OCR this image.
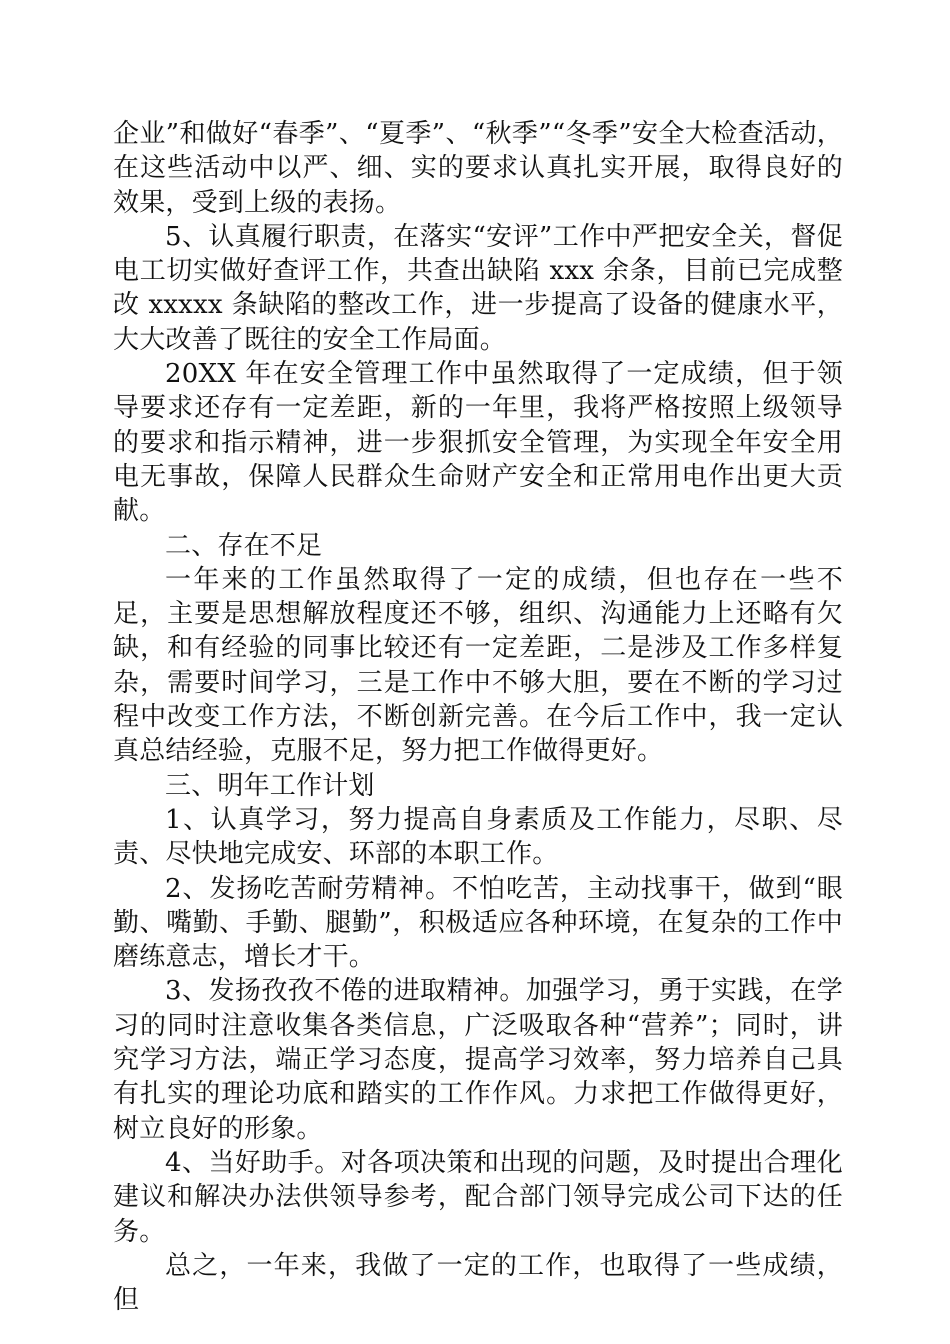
企业”和做好“春季”、“夏季”、“秋季”“冬季”安全大检查活动，在这些活动中以严、细、实的要求认真扎实开展，取得良好的效果，受到上级的表扬。

5、认真履行职责，在落实“安评”工作中严把安全关，督促电工切实做好查评工作，共查出缺陷 xxx 余条，目前已完成整改 xxxxx 条缺陷的整改工作，进一步提高了设备的健康水平，大大改善了既往的安全工作局面。

20XX 年在安全管理工作中虽然取得了一定成绩，但于领导要求还存有一定差距，新的一年里，我将严格按照上级领导的要求和指示精神，进一步狠抓安全管理，为实现全年安全用电无事故，保障人民群众生命财产安全和正常用电作出更大贡献。

二、存在不足

一年来的工作虽然取得了一定的成绩，但也存在一些不足，主要是思想解放程度还不够，组织、沟通能力上还略有欠缺，和有经验的同事比较还有一定差距，二是涉及工作多样复杂，需要时间学习，三是工作中不够大胆，要在不断的学习过程中改变工作方法，不断创新完善。在今后工作中，我一定认真总结经验，克服不足，努力把工作做得更好。

三、明年工作计划

1、认真学习，努力提高自身素质及工作能力，尽职、尽责、尽快地完成安、环部的本职工作。

2、发扬吃苦耐劳精神。不怕吃苦，主动找事干，做到“眼勤、嘴勤、手勤、腿勤”，积极适应各种环境，在复杂的工作中磨练意志，增长才干。

3、发扬孜孜不倦的进取精神。加强学习，勇于实践，在学习的同时注意收集各类信息，广泛吸取各种“营养”；同时，讲究学习方法，端正学习态度，提高学习效率，努力培养自己具有扎实的理论功底和踏实的工作作风。力求把工作做得更好，树立良好的形象。

4、当好助手。对各项决策和出现的问题，及时提出合理化建议和解决办法供领导参考，配合部门领导完成公司下达的任务。

总之，一年来，我做了一定的工作，也取得了一些成绩，但
